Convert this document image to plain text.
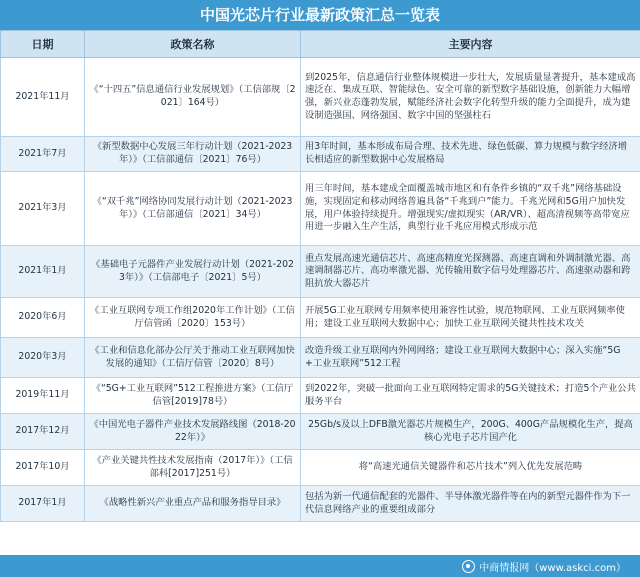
中国光芯片行业最新政策汇总一览表
日期	政策名称	主要内容
2021年11月	《“十四五”信息通信行业发展规划》（工信部规〔2021〕164号）	到2025年，信息通信行业整体规模进一步壮大，发展质量显著提升，基本建成高速泛在、集成互联、智能绿色、安全可靠的新型数字基础设施，创新能力大幅增强，新兴业态蓬勃发展，赋能经济社会数字化转型升级的能力全面提升，成为建设制造强国、网络强国、数字中国的坚强柱石
2021年7月	《新型数据中心发展三年行动计划（2021-2023年）》（工信部通信〔2021〕76号）	用3年时间，基本形成布局合理、技术先进、绿色低碳、算力规模与数字经济增长相适应的新型数据中心发展格局
2021年3月	《“双千兆”网络协同发展行动计划（2021-2023年）》（工信部通信〔2021〕34号）	用三年时间，基本建成全面覆盖城市地区和有条件乡镇的“双千兆”网络基础设施，实现固定和移动网络普遍具备“千兆到户”能力。千兆光网和5G用户加快发展，用户体验持续提升。增强现实/虚拟现实（AR/VR）、超高清视频等高带宽应用进一步融入生产生活，典型行业千兆应用模式形成示范
2021年1月	《基础电子元器件产业发展行动计划（2021-2023年）》（工信部电子〔2021〕5号）	重点发展高速光通信芯片、高速高精度光探测器、高速直调和外调制激光器、高速调制器芯片、高功率激光器、光传输用数字信号处理器芯片、高速驱动器和跨阻抗放大器芯片
2020年6月	《工业互联网专项工作组2020年工作计划》（工信厅信管函〔2020〕153号）	开展5G工业互联网专用频率使用兼容性试验，规范物联网、工业互联网频率使用；建设工业互联网大数据中心；加快工业互联网关键共性技术攻关
2020年3月	《工业和信息化部办公厅关于推动工业互联网加快发展的通知》（工信厅信管〔2020〕8号）	改造升级工业互联网内外网网络；建设工业互联网大数据中心；深入实施“5G+工业互联网”512工程
2019年11月	《“5G+工业互联网”512工程推进方案》（工信厅信管[2019]78号）	到2022年，突破一批面向工业互联网特定需求的5G关键技术；打造5个产业公共服务平台
2017年12月	《中国光电子器件产业技术发展路线图（2018-2022年）》	25Gb/s及以上DFB激光器芯片规模生产，200G、400G产品规模化生产，提高核心光电子芯片国产化
2017年10月	《产业关键共性技术发展指南（2017年）》（工信部科[2017]251号）	将“高速光通信关键器件和芯片技术”列入优先发展范畴
2017年1月	《战略性新兴产业重点产品和服务指导目录》	包括为新一代通信配套的光器件、半导体激光器件等在内的新型元器件作为下一代信息网络产业的重要组成部分
中商情报网（www.askci.com）
